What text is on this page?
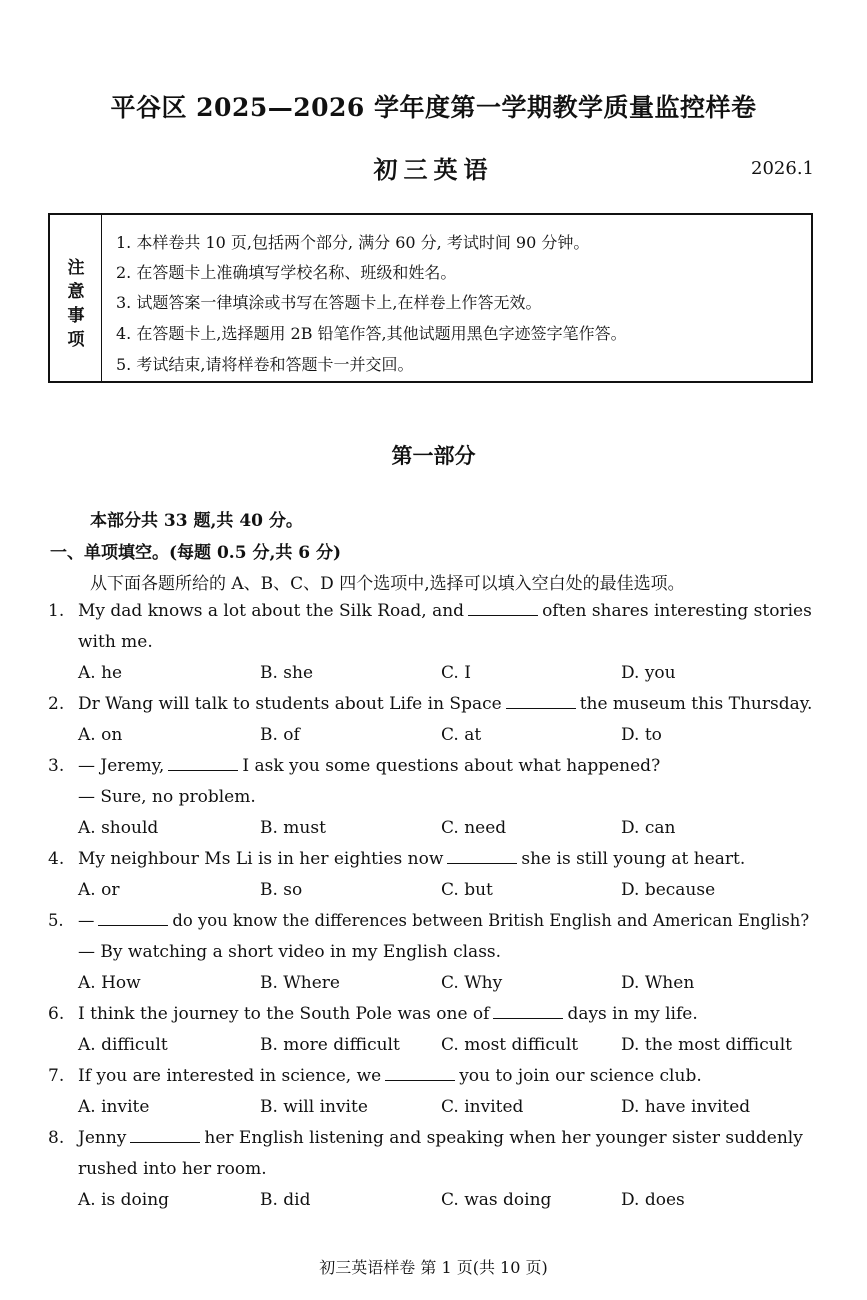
平谷区 2025—2026 学年度第一学期教学质量监控样卷
初三英语	2026.1
注
意
事
项
1. 本样卷共 10 页,包括两个部分, 满分 60 分, 考试时间 90 分钟。
2. 在答题卡上准确填写学校名称、班级和姓名。
3. 试题答案一律填涂或书写在答题卡上,在样卷上作答无效。
4. 在答题卡上,选择题用 2B 铅笔作答,其他试题用黑色字迹签字笔作答。
5. 考试结束,请将样卷和答题卡一并交回。
第一部分
本部分共 33 题,共 40 分。
一、单项填空。(每题 0.5 分,共 6 分)
从下面各题所给的 A、B、C、D 四个选项中,选择可以填入空白处的最佳选项。
1. My dad knows a lot about the Silk Road, and	often shares interesting stories
with me.
A. he	B. she	C. I	D. you
2. Dr Wang will talk to students about Life in Space	the museum this Thursday.
A. on	B. of	C. at	D. to
3. — Jeremy,	I ask you some questions about what happened?
— Sure, no problem.
A. should	B. must	C. need	D. can
4. My neighbour Ms Li is in her eighties now	she is still young at heart.
A. or	B. so	C. but	D. because
5. —	do you know the differences between British English and American English?
— By watching a short video in my English class.
A. How	B. Where	C. Why	D. When
6. I think the journey to the South Pole was one of	days in my life.
A. difficult	B. more difficult C. most difficult	D. the most difficult
7. If you are interested in science, we	you to join our science club.
A. invite	B. will invite	C. invited	D. have invited
8. Jenny	her English listening and speaking when her younger sister suddenly
rushed into her room.
A. is doing	B. did	C. was doing	D. does
初三英语样卷 第 1 页(共 10 页)
